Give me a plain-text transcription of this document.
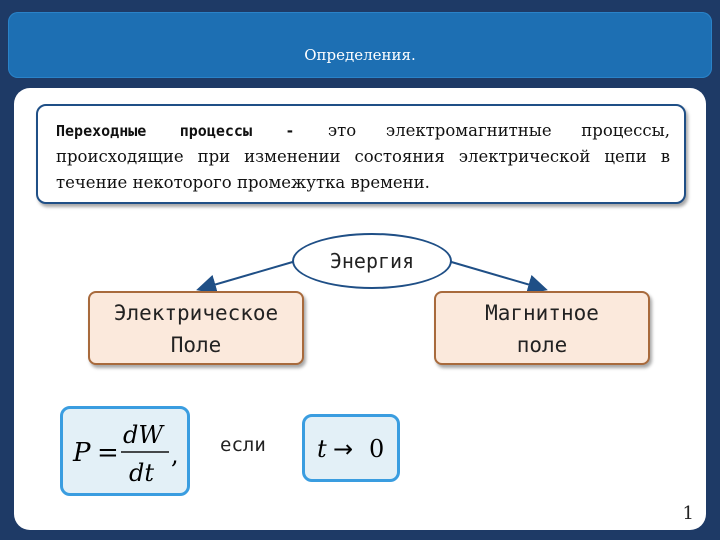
Определения.
Переходные процессы - это электромагнитные процессы, происходящие при изменении состояния электрической цепи в течение некоторого промежутка времени.
Энергия
Электрическое
Поле
Магнитное
поле
P =
dW
dt
, если t → 0
1
